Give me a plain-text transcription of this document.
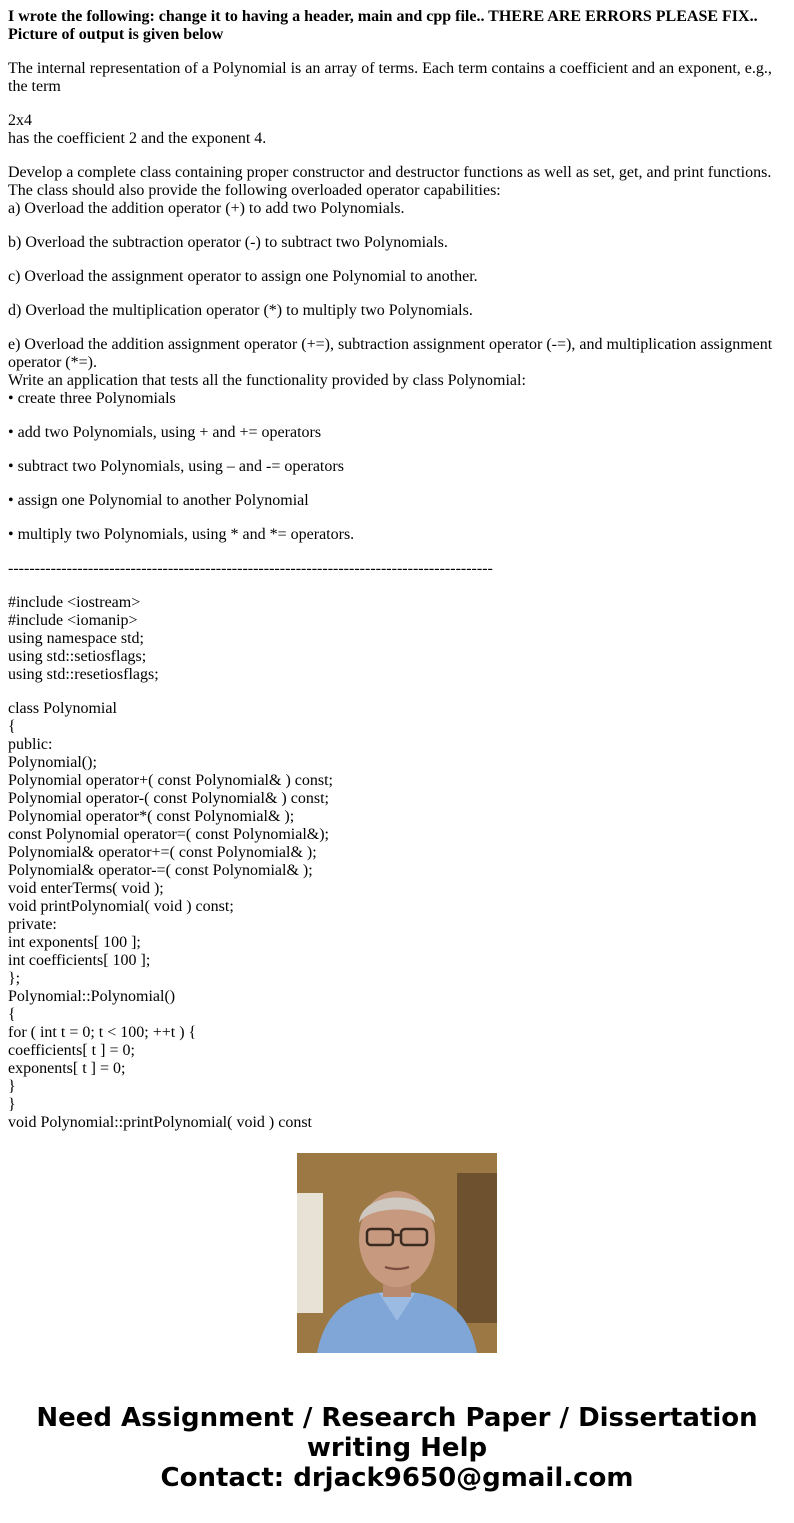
I wrote the following: change it to having a header, main and cpp file.. THERE ARE ERRORS PLEASE FIX.. Picture of output is given below

The internal representation of a Polynomial is an array of terms. Each term contains a coefficient and an exponent, e.g., the term

2x4
has the coefficient 2 and the exponent 4.

Develop a complete class containing proper constructor and destructor functions as well as set, get, and print functions.
The class should also provide the following overloaded operator capabilities:
a) Overload the addition operator (+) to add two Polynomials.

b) Overload the subtraction operator (-) to subtract two Polynomials.

c) Overload the assignment operator to assign one Polynomial to another.

d) Overload the multiplication operator (*) to multiply two Polynomials.

e) Overload the addition assignment operator (+=), subtraction assignment operator (-=), and multiplication assignment operator (*=).
Write an application that tests all the functionality provided by class Polynomial:
• create three Polynomials

• add two Polynomials, using + and += operators

• subtract two Polynomials, using – and -= operators

• assign one Polynomial to another Polynomial

• multiply two Polynomials, using * and *= operators.

-------------------------------------------------------------------------------------------

#include <iostream>
#include <iomanip>
using namespace std;
using std::setiosflags;
using std::resetiosflags;

class Polynomial
{
public:
Polynomial();
Polynomial operator+( const Polynomial& ) const;
Polynomial operator-( const Polynomial& ) const;
Polynomial operator*( const Polynomial& );
const Polynomial operator=( const Polynomial&);
Polynomial& operator+=( const Polynomial& );
Polynomial& operator-=( const Polynomial& );
void enterTerms( void );
void printPolynomial( void ) const;
private:
int exponents[ 100 ];
int coefficients[ 100 ];
};
Polynomial::Polynomial()
{
for ( int t = 0; t < 100; ++t ) {
coefficients[ t ] = 0;
exponents[ t ] = 0;
}
}
void Polynomial::printPolynomial( void ) const

Need Assignment / Research Paper / Dissertation
writing Help
Contact: drjack9650@gmail.com
